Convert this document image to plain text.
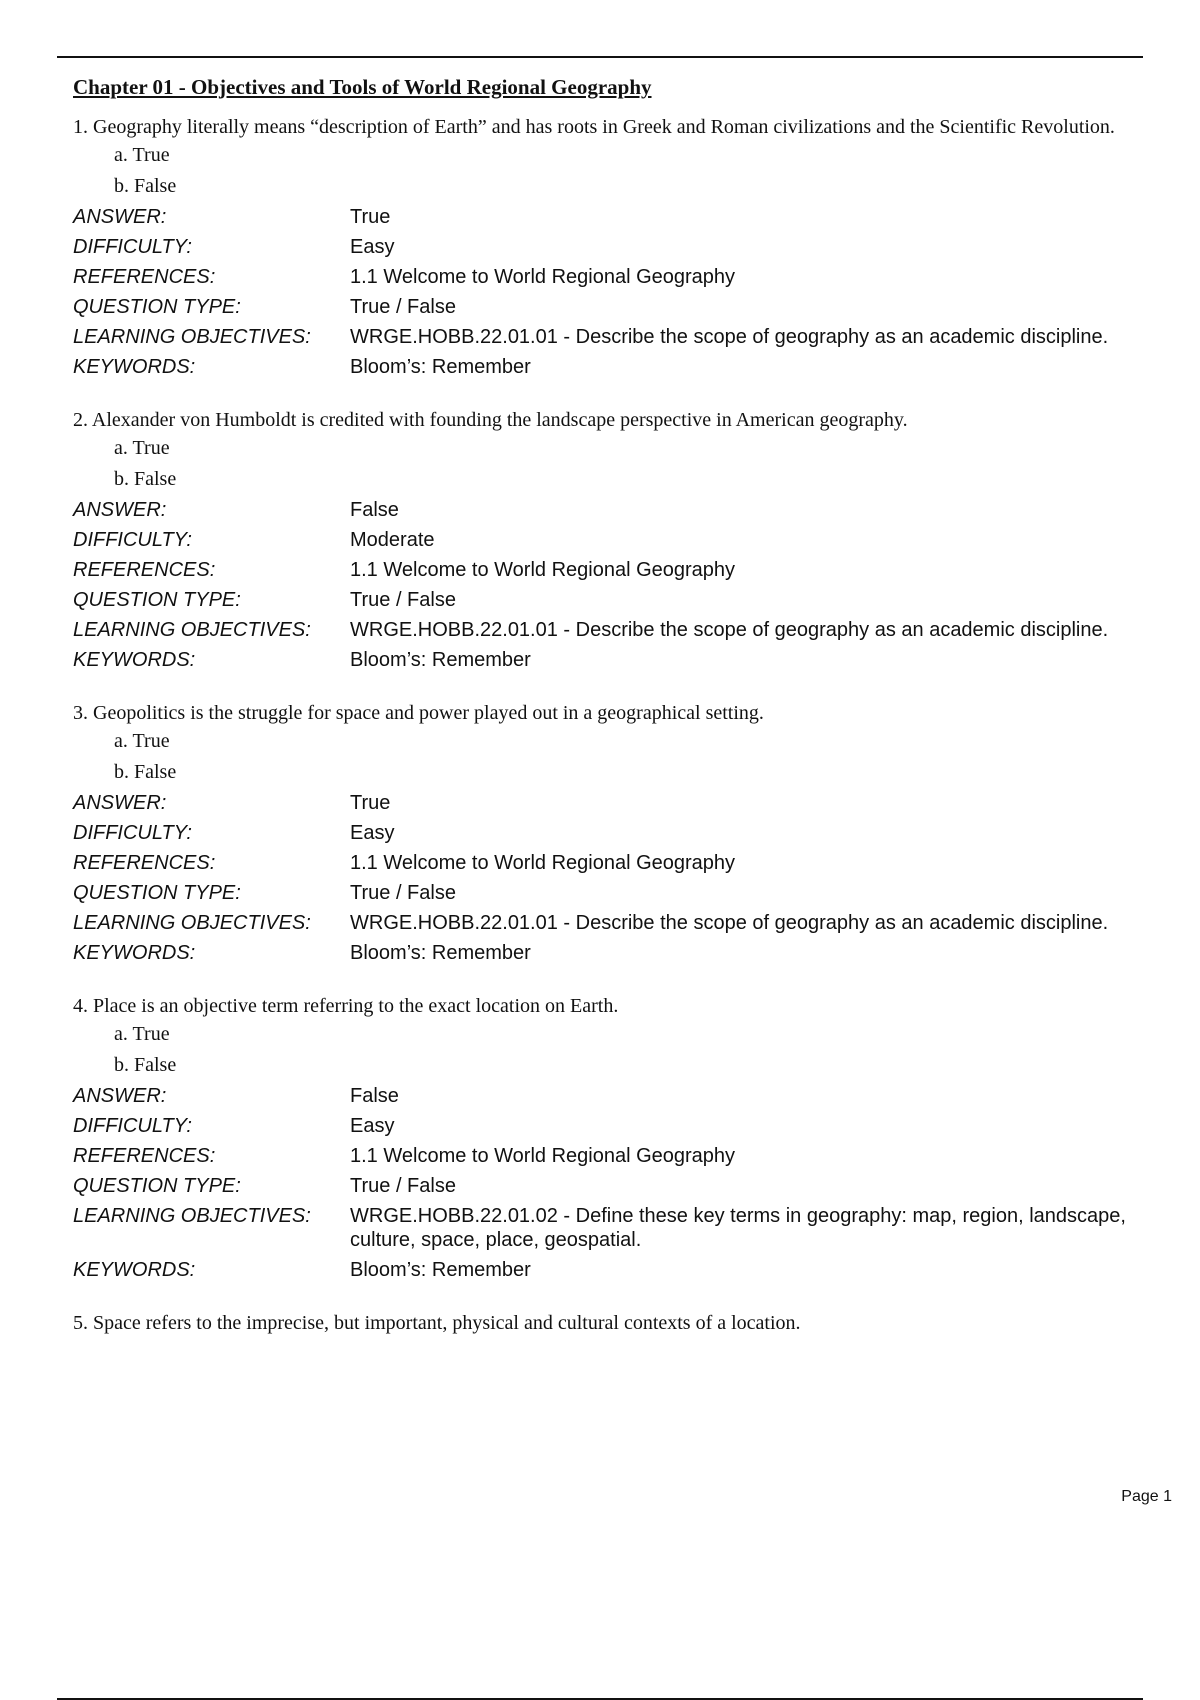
Chapter 01 - Objectives and Tools of World Regional Geography

1. Geography literally means “description of Earth” and has roots in Greek and Roman civilizations and the Scientific Revolution.

a. True
b. False
ANSWER:	True
DIFFICULTY:	Easy
REFERENCES:	1.1 Welcome to World Regional Geography
QUESTION TYPE:	True / False
LEARNING OBJECTIVES:	WRGE.HOBB.22.01.01 - Describe the scope of geography as an academic discipline.
KEYWORDS:	Bloom’s: Remember

2. Alexander von Humboldt is credited with founding the landscape perspective in American geography.

a. True
b. False
ANSWER:	False
DIFFICULTY:	Moderate
REFERENCES:	1.1 Welcome to World Regional Geography
QUESTION TYPE:	True / False
LEARNING OBJECTIVES:	WRGE.HOBB.22.01.01 - Describe the scope of geography as an academic discipline.
KEYWORDS:	Bloom’s: Remember

3. Geopolitics is the struggle for space and power played out in a geographical setting.

a. True
b. False
ANSWER:	True
DIFFICULTY:	Easy
REFERENCES:	1.1 Welcome to World Regional Geography
QUESTION TYPE:	True / False
LEARNING OBJECTIVES:	WRGE.HOBB.22.01.01 - Describe the scope of geography as an academic discipline.
KEYWORDS:	Bloom’s: Remember

4. Place is an objective term referring to the exact location on Earth.

a. True
b. False
ANSWER:	False
DIFFICULTY:	Easy
REFERENCES:	1.1 Welcome to World Regional Geography
QUESTION TYPE:	True / False
LEARNING OBJECTIVES:	WRGE.HOBB.22.01.02 - Define these key terms in geography: map, region, landscape, culture, space, place, geospatial.
KEYWORDS:	Bloom’s: Remember

5. Space refers to the imprecise, but important, physical and cultural contexts of a location.

Page 1
